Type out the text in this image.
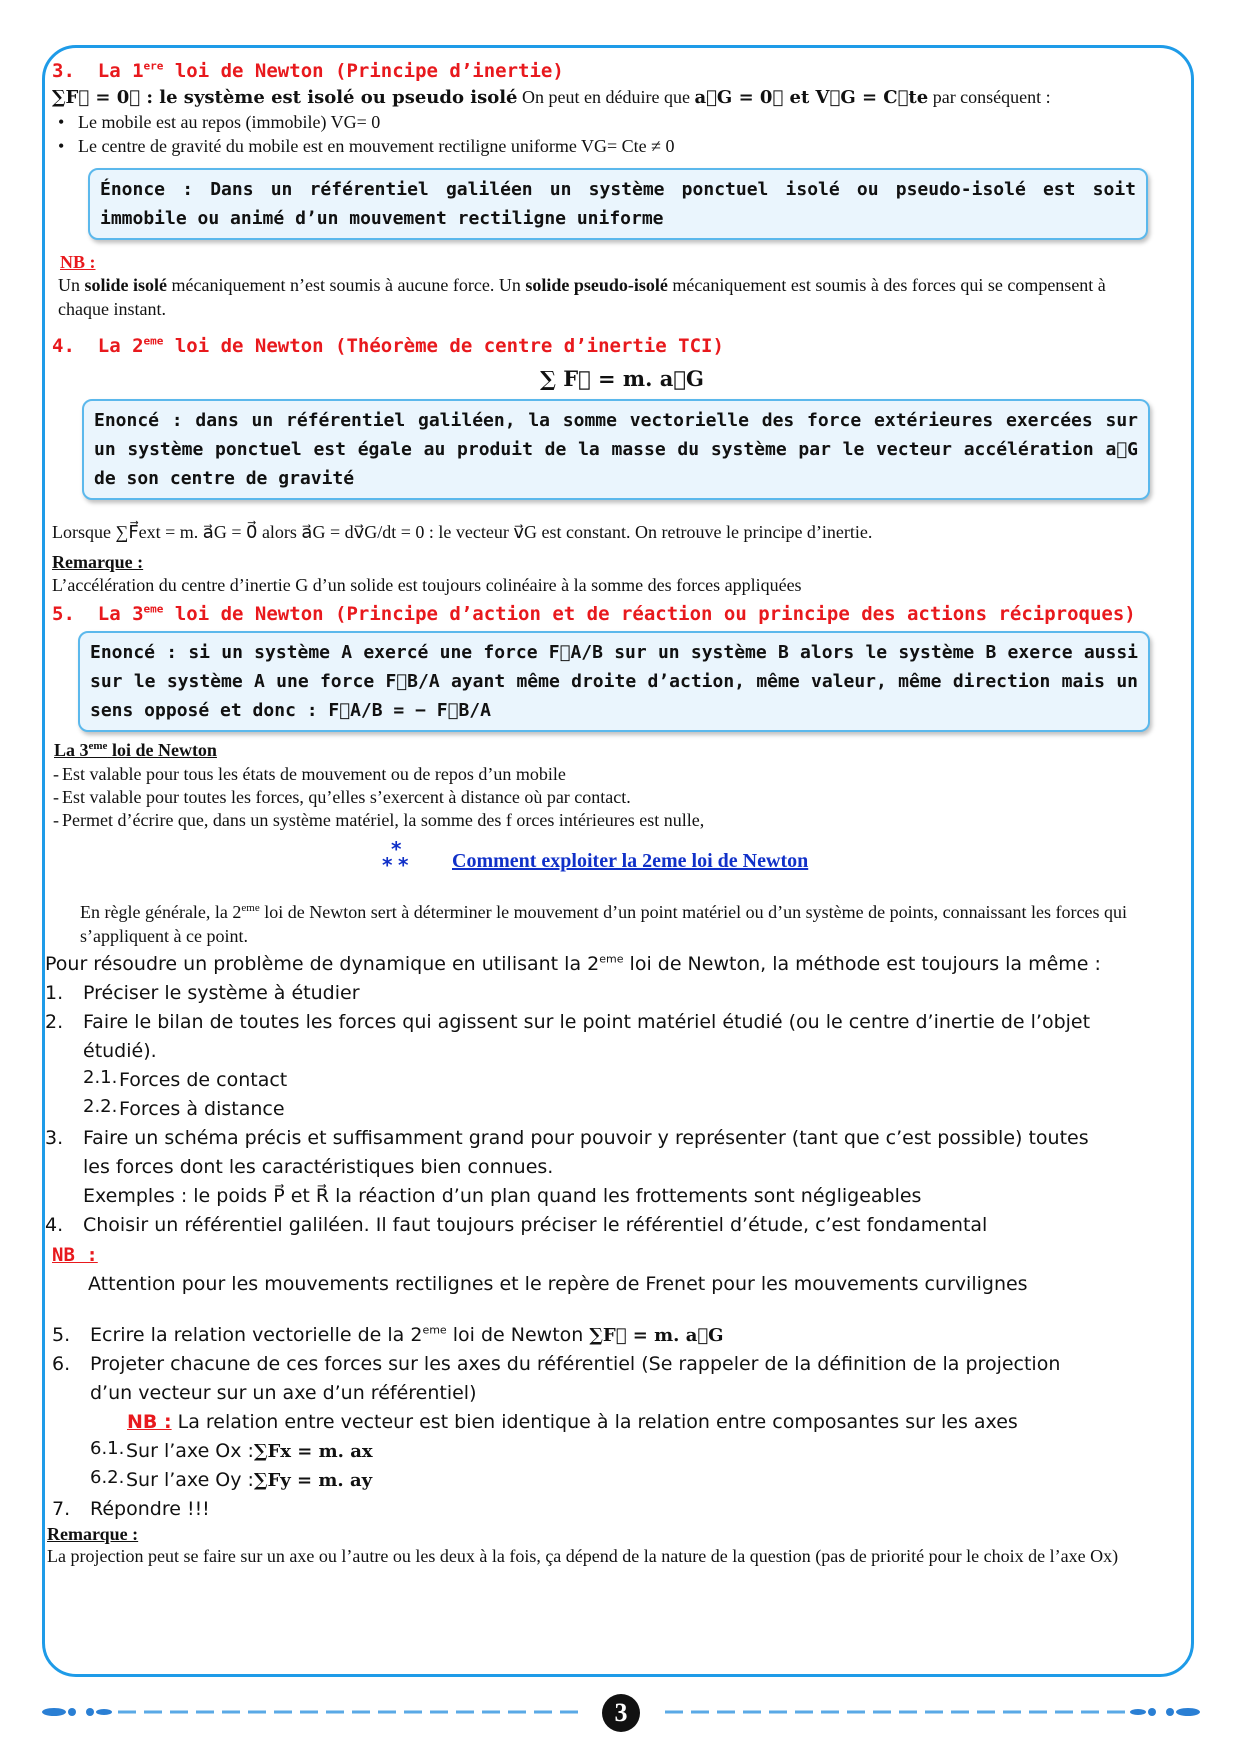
3. La 1ere loi de Newton (Principe d’inertie)
∑F⃗ = 0⃗ : le système est isolé ou pseudo isolé On peut en déduire que a⃗G = 0⃗ et V⃗G = C⃗te par conséquent :
• Le mobile est au repos (immobile) VG= 0
• Le centre de gravité du mobile est en mouvement rectiligne uniforme VG= Cte ≠ 0
Énonce : Dans un référentiel galiléen un système ponctuel isolé ou pseudo-isolé est soit immobile ou animé d’un mouvement rectiligne uniforme
NB :
Un solide isolé mécaniquement n’est soumis à aucune force. Un solide pseudo-isolé mécaniquement est soumis à des forces qui se compensent à chaque instant.
4. La 2eme loi de Newton (Théorème de centre d’inertie TCI)
∑ F⃗ = m. a⃗G
Enoncé : dans un référentiel galiléen, la somme vectorielle des force extérieures exercées sur un système ponctuel est égale au produit de la masse du système par le vecteur accélération a⃗G de son centre de gravité
Lorsque ∑F⃗ext = m. a⃗G = 0⃗ alors a⃗G = dv⃗G/dt = 0 : le vecteur v⃗G est constant. On retrouve le principe d’inertie.
Remarque :
L’accélération du centre d’inertie G d’un solide est toujours colinéaire à la somme des forces appliquées
5. La 3eme loi de Newton (Principe d’action et de réaction ou principe des actions réciproques)
Enoncé : si un système A exercé une force F⃗A/B sur un système B alors le système B exerce aussi sur le système A une force F⃗B/A ayant même droite d’action, même valeur, même direction mais un sens opposé et donc : F⃗A/B = − F⃗B/A
La 3eme loi de Newton
- Est valable pour tous les états de mouvement ou de repos d’un mobile
- Est valable pour toutes les forces, qu’elles s’exercent à distance où par contact.
- Permet d’écrire que, dans un système matériel, la somme des f orces intérieures est nulle,
*
* * Comment exploiter la 2eme loi de Newton
En règle générale, la 2eme loi de Newton sert à déterminer le mouvement d’un point matériel ou d’un système de points, connaissant les forces qui s’appliquent à ce point.
Pour résoudre un problème de dynamique en utilisant la 2eme loi de Newton, la méthode est toujours la même :
1.	Préciser le système à étudier
2.	Faire le bilan de toutes les forces qui agissent sur le point matériel étudié (ou le centre d’inertie de l’objet étudié).
2.1. Forces de contact
2.2. Forces à distance
3.	Faire un schéma précis et suffisamment grand pour pouvoir y représenter (tant que c’est possible) toutes les forces dont les caractéristiques bien connues.
Exemples : le poids P⃗ et R⃗ la réaction d’un plan quand les frottements sont négligeables
4.	Choisir un référentiel galiléen. Il faut toujours préciser le référentiel d’étude, c’est fondamental
NB :
Attention pour les mouvements rectilignes et le repère de Frenet pour les mouvements curvilignes
5.	Ecrire la relation vectorielle de la 2eme loi de Newton ∑F⃗ = m. a⃗G
6.	Projeter chacune de ces forces sur les axes du référentiel (Se rappeler de la définition de la projection d’un vecteur sur un axe d’un référentiel)
NB : La relation entre vecteur est bien identique à la relation entre composantes sur les axes
6.1. Sur l’axe Ox : ∑Fx = m. ax
6.2. Sur l’axe Oy : ∑Fy = m. ay
7.	Répondre !!!
Remarque :
La projection peut se faire sur un axe ou l’autre ou les deux à la fois, ça dépend de la nature de la question (pas de priorité pour le choix de l’axe Ox)
3
